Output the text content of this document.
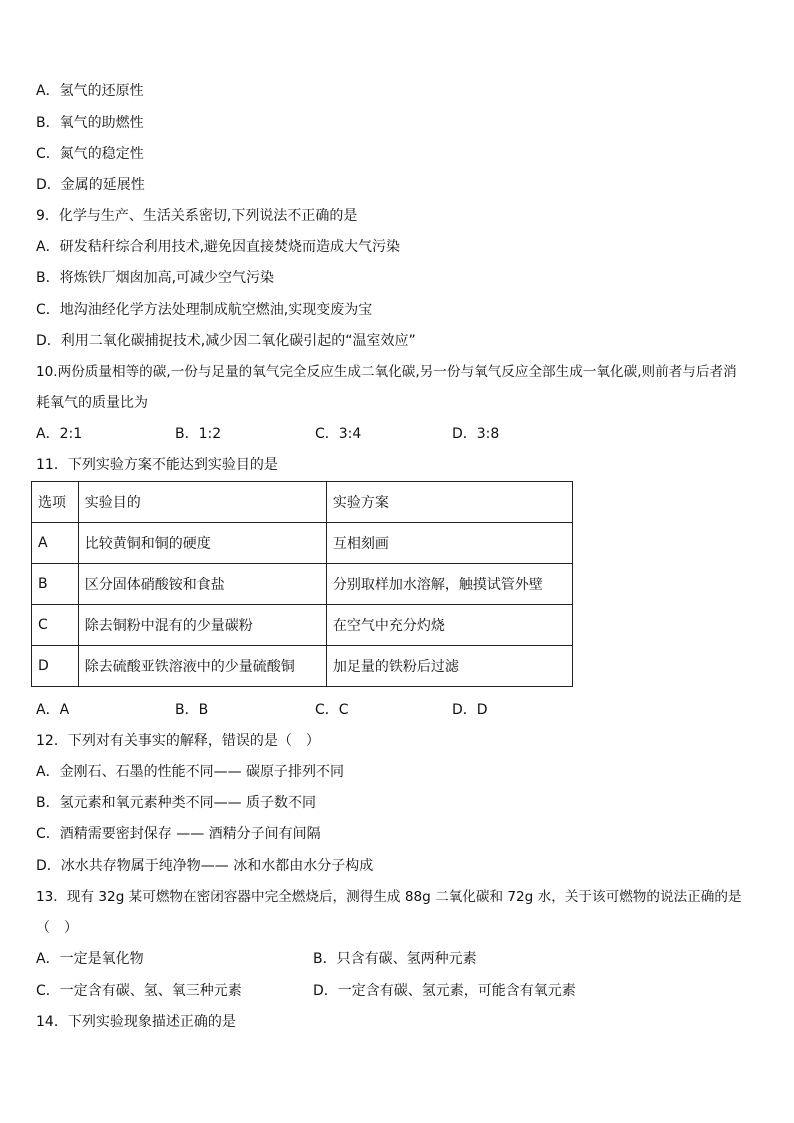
A．氢气的还原性
B．氧气的助燃性
C．氮气的稳定性
D．金属的延展性
9．化学与生产、生活关系密切,下列说法不正确的是
A．研发秸秆综合利用技术,避免因直接焚烧而造成大气污染
B．将炼铁厂烟囱加高,可减少空气污染
C．地沟油经化学方法处理制成航空燃油,实现变废为宝
D．利用二氧化碳捕捉技术,减少因二氧化碳引起的“温室效应”
10.两份质量相等的碳,一份与足量的氧气完全反应生成二氧化碳,另一份与氧气反应全部生成一氧化碳,则前者与后者消
耗氧气的质量比为
A．2:1	B．1:2	C．3:4	D．3:8
11．下列实验方案不能达到实验目的是
选项	实验目的	实验方案
A	比较黄铜和铜的硬度	互相刻画
B	区分固体硝酸铵和食盐	分别取样加水溶解，触摸试管外壁
C	除去铜粉中混有的少量碳粉	在空气中充分灼烧
D	除去硫酸亚铁溶液中的少量硫酸铜	加足量的铁粉后过滤
A．A	B．B	C．C	D．D
12．下列对有关事实的解释，错误的是（　）
A．金刚石、石墨的性能不同—— 碳原子排列不同
B．氢元素和氧元素种类不同—— 质子数不同
C．酒精需要密封保存 —— 酒精分子间有间隔
D．冰水共存物属于纯净物—— 冰和水都由水分子构成
13．现有 32g 某可燃物在密闭容器中完全燃烧后，测得生成 88g 二氧化碳和 72g 水，关于该可燃物的说法正确的是
（　）
A．一定是氧化物	B．只含有碳、氢两种元素
C．一定含有碳、氢、氧三种元素	D．一定含有碳、氢元素，可能含有氧元素
14．下列实验现象描述正确的是
